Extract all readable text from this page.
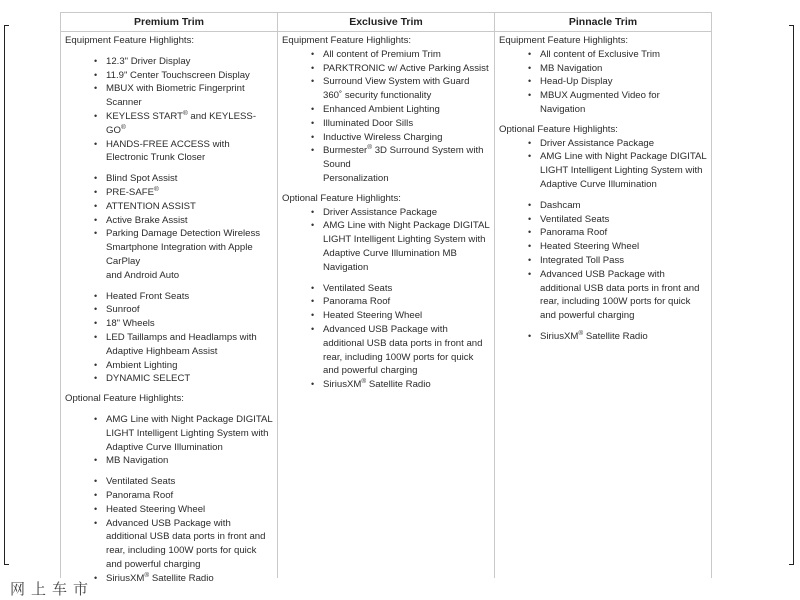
Premium Trim
Equipment Feature Highlights:
• 12.3" Driver Display
• 11.9" Center Touchscreen Display
• MBUX with Biometric Fingerprint Scanner
• KEYLESS START® and KEYLESS-GO®
• HANDS-FREE ACCESS with Electronic Trunk Closer
• Blind Spot Assist
• PRE-SAFE®
• ATTENTION ASSIST
• Active Brake Assist
• Parking Damage Detection Wireless Smartphone Integration with Apple CarPlay
and Android Auto
• Heated Front Seats
• Sunroof
• 18" Wheels
• LED Taillamps and Headlamps with Adaptive Highbeam Assist
• Ambient Lighting
• DYNAMIC SELECT
Optional Feature Highlights:
• AMG Line with Night Package DIGITAL LIGHT Intelligent Lighting System with Adaptive Curve Illumination
• MB Navigation
• Ventilated Seats
• Panorama Roof
• Heated Steering Wheel
• Advanced USB Package with additional USB data ports in front and rear, including 100W ports for quick and powerful charging
• SiriusXM® Satellite Radio
Exclusive Trim
Equipment Feature Highlights:
• All content of Premium Trim
• PARKTRONIC w/ Active Parking Assist
• Surround View System with Guard 360˚ security functionality
• Enhanced Ambient Lighting
• Illuminated Door Sills
• Inductive Wireless Charging
• Burmester® 3D Surround System with Sound
Personalization
Optional Feature Highlights:
• Driver Assistance Package
• AMG Line with Night Package DIGITAL LIGHT Intelligent Lighting System with Adaptive Curve Illumination MB Navigation
• Ventilated Seats
• Panorama Roof
• Heated Steering Wheel
• Advanced USB Package with additional USB data ports in front and rear, including 100W ports for quick and powerful charging
• SiriusXM® Satellite Radio
Pinnacle Trim
Equipment Feature Highlights:
• All content of Exclusive Trim
• MB Navigation
• Head-Up Display
• MBUX Augmented Video for Navigation
Optional Feature Highlights:
• Driver Assistance Package
• AMG Line with Night Package DIGITAL LIGHT Intelligent Lighting System with Adaptive Curve Illumination
• Dashcam
• Ventilated Seats
• Panorama Roof
• Heated Steering Wheel
• Integrated Toll Pass
• Advanced USB Package with additional USB data ports in front and rear, including 100W ports for quick and powerful charging
• SiriusXM® Satellite Radio
网上车市
